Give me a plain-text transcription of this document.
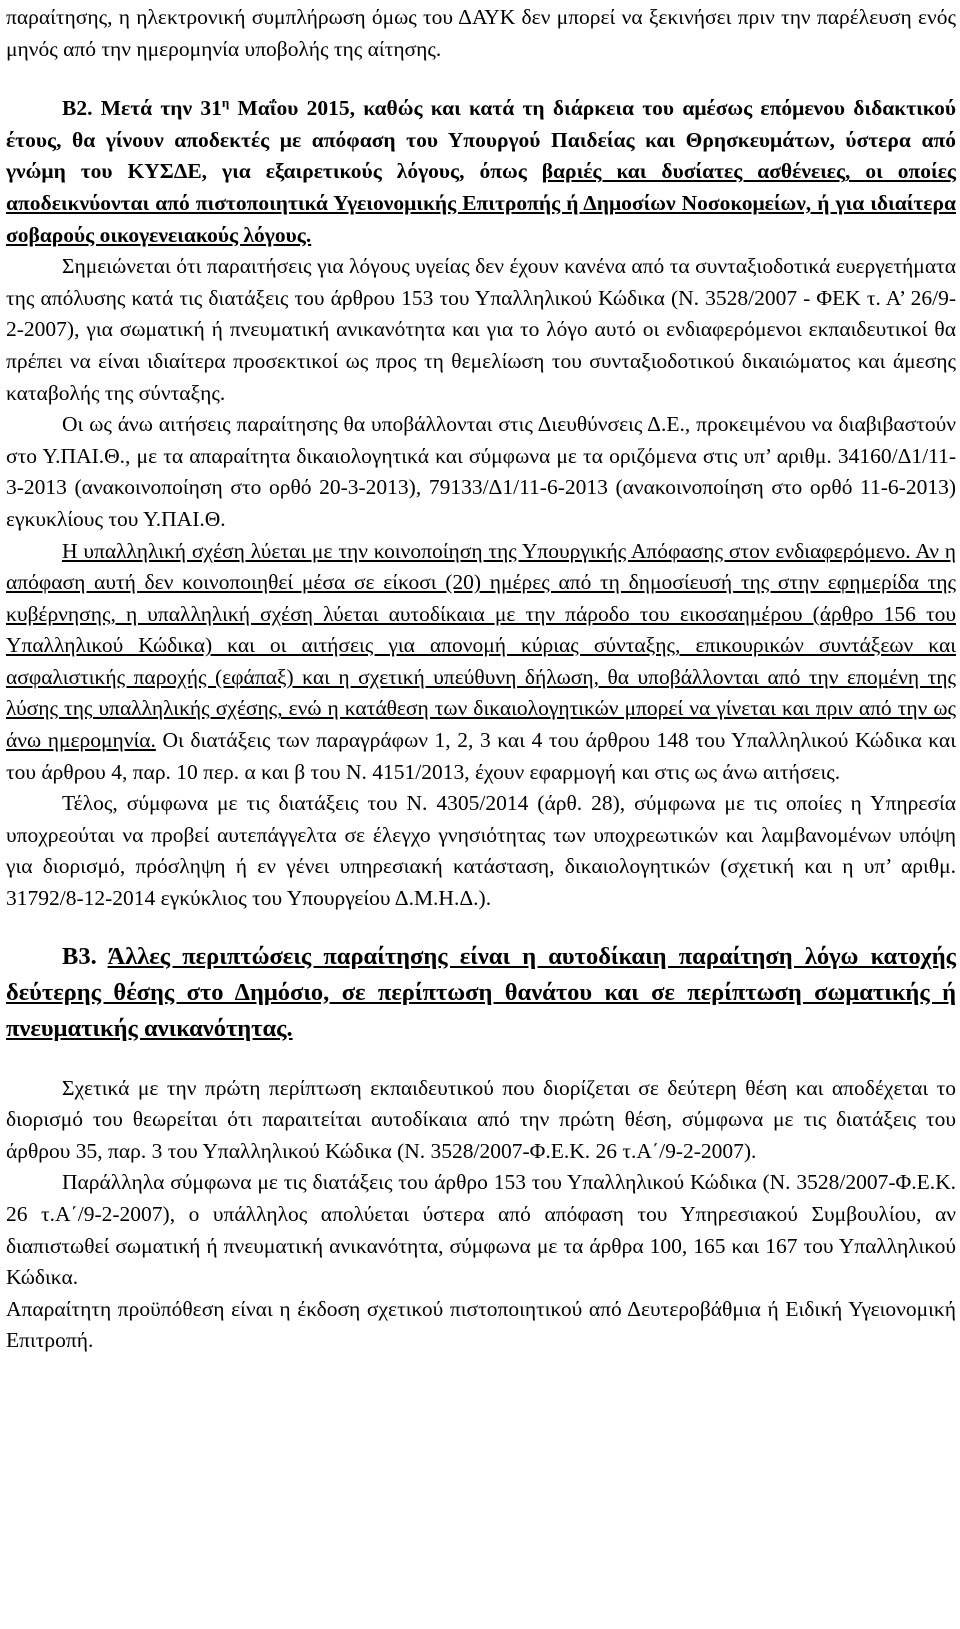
παραίτησης, η ηλεκτρονική συμπλήρωση όμως του ΔΑΥΚ δεν μπορεί να ξεκινήσει πριν την παρέλευση ενός μηνός από την ημερομηνία υποβολής της αίτησης.

Β2. Μετά την $31^\eta$ Μαΐου 2015, καθώς και κατά τη διάρκεια του αμέσως επόμενου διδακτικού έτους, θα γίνουν αποδεκτές με απόφαση του Υπουργού Παιδείας και Θρησκευμάτων, ύστερα από γνώμη του ΚΥΣΔΕ, για εξαιρετικούς λόγους, όπως βαριές και δυσίατες ασθένειες, οι οποίες αποδεικνύονται από πιστοποιητικά Υγειονομικής Επιτροπής ή Δημοσίων Νοσοκομείων, ή για ιδιαίτερα σοβαρούς οικογενειακούς λόγους.

Σημειώνεται ότι παραιτήσεις για λόγους υγείας δεν έχουν κανένα από τα συνταξιοδοτικά ευεργετήματα της απόλυσης κατά τις διατάξεις του άρθρου 153 του Υπαλληλικού Κώδικα (Ν. 3528/2007 - ΦΕΚ τ. Α’ 26/9-2-2007), για σωματική ή πνευματική ανικανότητα και για το λόγο αυτό οι ενδιαφερόμενοι εκπαιδευτικοί θα πρέπει να είναι ιδιαίτερα προσεκτικοί ως προς τη θεμελίωση του συνταξιοδοτικού δικαιώματος και άμεσης καταβολής της σύνταξης.

Οι ως άνω αιτήσεις παραίτησης θα υποβάλλονται στις Διευθύνσεις Δ.Ε., προκειμένου να διαβιβαστούν στο Υ.ΠΑΙ.Θ., με τα απαραίτητα δικαιολογητικά και σύμφωνα με τα οριζόμενα στις υπ’ αριθμ. 34160/Δ1/11-3-2013 (ανακοινοποίηση στο ορθό 20-3-2013), 79133/Δ1/11-6-2013 (ανακοινοποίηση στο ορθό 11-6-2013) εγκυκλίους του Υ.ΠΑΙ.Θ.

Η υπαλληλική σχέση λύεται με την κοινοποίηση της Υπουργικής Απόφασης στον ενδιαφερόμενο. Αν η απόφαση αυτή δεν κοινοποιηθεί μέσα σε είκοσι (20) ημέρες από τη δημοσίευσή της στην εφημερίδα της κυβέρνησης, η υπαλληλική σχέση λύεται αυτοδίκαια με την πάροδο του εικοσαημέρου (άρθρο 156 του Υπαλληλικού Κώδικα) και οι αιτήσεις για απονομή κύριας σύνταξης, επικουρικών συντάξεων και ασφαλιστικής παροχής (εφάπαξ) και η σχετική υπεύθυνη δήλωση, θα υποβάλλονται από την επομένη της λύσης της υπαλληλικής σχέσης, ενώ η κατάθεση των δικαιολογητικών μπορεί να γίνεται και πριν από την ως άνω ημερομηνία. Οι διατάξεις των παραγράφων 1, 2, 3 και 4 του άρθρου 148 του Υπαλληλικού Κώδικα και του άρθρου 4, παρ. 10 περ. α και β του Ν. 4151/2013, έχουν εφαρμογή και στις ως άνω αιτήσεις.

Τέλος, σύμφωνα με τις διατάξεις του Ν. 4305/2014 (άρθ. 28), σύμφωνα με τις οποίες η Υπηρεσία υποχρεούται να προβεί αυτεπάγγελτα σε έλεγχο γνησιότητας των υποχρεωτικών και λαμβανομένων υπόψη για διορισμό, πρόσληψη ή εν γένει υπηρεσιακή κατάσταση, δικαιολογητικών (σχετική και η υπ’ αριθμ. 31792/8-12-2014 εγκύκλιος του Υπουργείου Δ.Μ.Η.Δ.).

Β3. Άλλες περιπτώσεις παραίτησης είναι η αυτοδίκαιη παραίτηση λόγω κατοχής δεύτερης θέσης στο Δημόσιο, σε περίπτωση θανάτου και σε περίπτωση σωματικής ή πνευματικής ανικανότητας.

Σχετικά με την πρώτη περίπτωση εκπαιδευτικού που διορίζεται σε δεύτερη θέση και αποδέχεται το διορισμό του θεωρείται ότι παραιτείται αυτοδίκαια από την πρώτη θέση, σύμφωνα με τις διατάξεις του άρθρου 35, παρ. 3 του Υπαλληλικού Κώδικα (Ν. 3528/2007-Φ.Ε.Κ. 26 τ.Α΄/9-2-2007).

Παράλληλα σύμφωνα με τις διατάξεις του άρθρο 153 του Υπαλληλικού Κώδικα (Ν. 3528/2007-Φ.Ε.Κ. 26 τ.Α΄/9-2-2007), ο υπάλληλος απολύεται ύστερα από απόφαση του Υπηρεσιακού Συμβουλίου, αν διαπιστωθεί σωματική ή πνευματική ανικανότητα, σύμφωνα με τα άρθρα 100, 165 και 167 του Υπαλληλικού Κώδικα.

Απαραίτητη προϋπόθεση είναι η έκδοση σχετικού πιστοποιητικού από Δευτεροβάθμια ή Ειδική Υγειονομική Επιτροπή.
